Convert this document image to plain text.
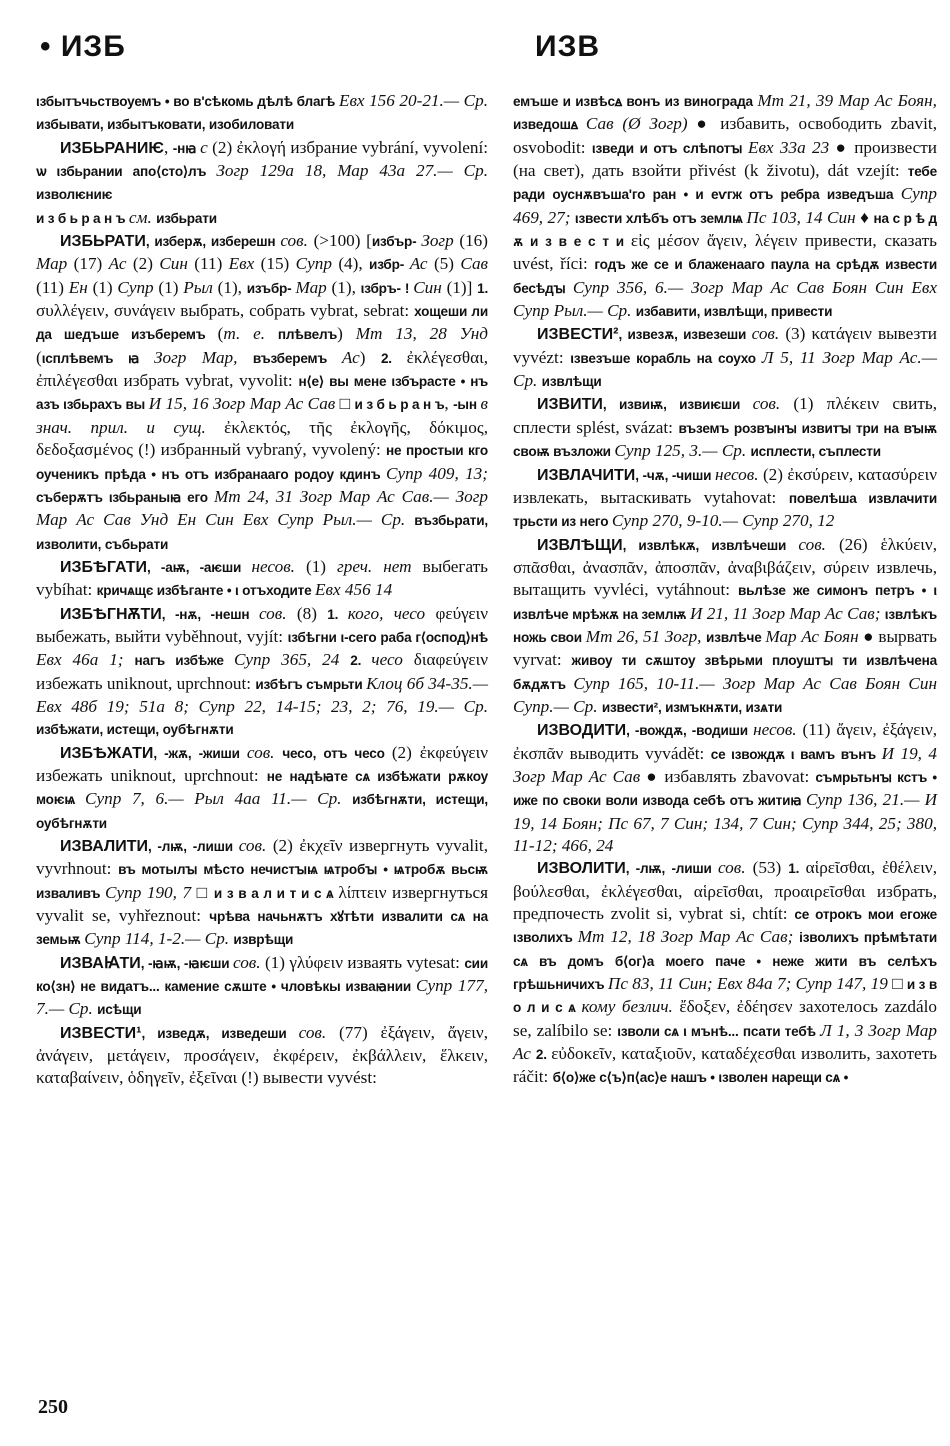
• ИЗБ	ИЗВ

ιзбытъчьствоуемъ • во в'сѣкомь дѣлѣ благѣ Евх 156 20-21.— Ср. избывати, избытъковати, изобиловати

ИЗБЬРАНИѤ, -нꙗ с (2) ἐκλογή избрание vybrání, vyvolení: ѡ ιзбьрании апо⟨сто⟩лъ Зогр 129а 18, Мар 43а 27.— Ср. изволѥниѥ

и з б ь р а н ъ см. избьрати

ИЗБЬРАТИ, изберѫ, изберешн сов. (>100) [избър- Зогр (16) Мар (17) Ас (2) Син (11) Евх (15) Супр (4), избр- Ас (5) Сав (11) Ен (1) Супр (1) Рыл (1), изъбр- Мар (1), ιзбръ- ! Син (1)] 1. συλλέγειν, συνάγειν выбрать, собрать vybrat, sebrat: хощеши ли да шедъше изъберемъ (т. е. плѣвелъ) Мт 13, 28 Унд (ιсплѣвемъ ꙗ Зогр Мар, възберемъ Ас) 2. ἐκλέγεσθαι, ἐπιλέγεσθαι избрать vybrat, vyvolit: н⟨е⟩ вы мене ιзбърасте • нъ азъ ιзбьрахъ вы И 15, 16 Зогр Мар Ас Сав □ и з б ь р а н ъ, -ын в знач. прил. и сущ. ἐκλεκτός, τῆς ἐκλογῆς, δόκιμος, δεδοξασμένος (!) избранный vybraný, vyvolený: не простыи кго оученикъ прѣда • нъ отъ избранааго родоу кдинъ Супр 409, 13; съберѫтъ ιзбьраныꙗ его Мт 24, 31 Зогр Мар Ас Сав.— Зогр Мар Ас Сав Унд Ен Син Евх Супр Рыл.— Ср. възбьрати, изволити, събьрати

ИЗБѢГАТИ, -аѭ, -аѥши несов. (1) греч. нет выбегать vybíhat: кричѧщє избѣганте • ι отъходите Евх 456 14

ИЗБѢГНѪТИ, -нѫ, -нешн сов. (8) 1. кого, чесо φεύγειν выбежать, выйти vyběhnout, vyjít: ιзбѣгни ι-сего раба г⟨оспод⟩нѣ Евх 46а 1; нагъ избѣже Супр 365, 24 2. чесо διαφεύγειν избежать uniknout, uprchnout: избѣгъ съмрьти Клоц 6б 34-35.— Евх 48б 19; 51а 8; Супр 22, 14-15; 23, 2; 76, 19.— Ср. избѣжати, истещи, оубѣгнѫти

ИЗБѢЖАТИ, -жѫ, -жиши сов. чесо, отъ чесо (2) ἐκφεύγειν избежать uniknout, uprchnout: не надѣꙗте сѧ избѣжати рѫкоу моѥѩ Супр 7, 6.— Рыл 4аа 11.— Ср. избѣгнѫти, истещи, оубѣгнѫти

ИЗВАЛИТИ, -лѭ, -лиши сов. (2) ἐκχεῖν извергнуть vyvalit, vyvrhnout: въ мотылꙑ мѣсто нечистꙑѩ ѩтробꙑ • ѩтробѫ вьсѭ изваливъ Супр 190, 7 □ и з в а л и т и с ѧ λίπτειν извергнуться vyvalit se, vyhřeznout: чрѣва начьнѫтъ хꙋтѣти извалити сѧ на земьѭ Супр 114, 1-2.— Ср. изврѣщи

ИЗВАꙖТИ, -ꙗѭ, -ꙗѥши сов. (1) γλύφειν изваять vytesat: сии ко⟨зн⟩ не видатъ... камение сѫште • чловѣкы изваꙗнии Супр 177, 7.— Ср. исѣщи

ИЗВЕСТИ¹, изведѫ, изведеши сов. (77) ἐξάγειν, ἄγειν, ἀνάγειν, μετάγειν, προσάγειν, ἐκφέρειν, ἐκβάλλειν, ἕλκειν, καταβαίνειν, ὁδηγεῖν, ἐξεῖναι (!) вывести vyvést:

емъше и извѣсꙙ вонъ из винограда Мт 21, 39 Мар Ас Боян, изведошꙙ Сав (Ø Зогр) ● избавить, освободить zbavit, osvobodit: ιзведи и отъ слѣпотꙑ Евх 33а 23 ● произвести (на свет), дать взойти přivést (k životu), dát vzejít: тебе ради оуснѫвъша'го ран • и еѵгж отъ ребра изведъша Супр 469, 27; ιзвести хлѣбъ отъ землѩ Пс 103, 14 Син ♦ на с р ѣ д ѫ и з в е с т и εἰς μέσον ἄγειν, λέγειν привести, сказать uvést, říci: годъ же се и блаженааго паула на срѣдѫ извести бесѣдꙑ Супр 356, 6.— Зогр Мар Ас Сав Боян Син Евх Супр Рыл.— Ср. избавити, извлѣщи, привести

ИЗВЕСТИ², извезѫ, извезеши сов. (3) κατάγειν вывезти vyvézt: ιзвезъше корабль на соухо Л 5, 11 Зогр Мар Ас.— Ср. извлѣщи

ИЗВИТИ, извиѭ, извиѥши сов. (1) πλέκειν свить, сплести splést, svázat: въземъ розвꙑнꙑ извитꙑ три на вꙑѭ своѭ възложи Супр 125, 3.— Ср. исплести, съплести

ИЗВЛАЧИТИ, -чѫ, -чиши несов. (2) ἐκσύρειν, κατασύρειν извлекать, вытаскивать vytahovat: повелѣша извлачити трьсти из него Супр 270, 9-10.— Супр 270, 12

ИЗВЛѢЩИ, извлѣкѫ, извлѣчеши сов. (26) ἑλκύειν, σπᾶσθαι, ἀνασπᾶν, ἀποσπᾶν, ἀναβιβάζειν, σύρειν извлечь, вытащить vyvléci, vytáhnout: вьлѣзе же симонъ петръ • ι извлѣче мрѣжѫ на землѭ И 21, 11 Зогр Мар Ас Сав; ιзвлѣкъ ножь свои Мт 26, 51 Зогр, извлѣче Мар Ас Боян ● вырвать vyrvat: живоу ти сѫштоу звѣрьми плоуштꙑ ти извлѣчена бѫдѫтъ Супр 165, 10-11.— Зогр Мар Ас Сав Боян Син Супр.— Ср. извести², измъкнѫти, изѧти

ИЗВОДИТИ, -вождѫ, -водиши несов. (11) ἄγειν, ἐξάγειν, ἐκσπᾶν выводить vyvádět: се ιзвождѫ ι вамъ вънъ И 19, 4 Зогр Мар Ас Сав ● избавлять zbavovat: съмрьтьнꙑ кстъ • иже по своки воли извода себѣ отъ житиꙗ Супр 136, 21.— И 19, 14 Боян; Пс 67, 7 Син; 134, 7 Син; Супр 344, 25; 380, 11-12; 466, 24

ИЗВОЛИТИ, -лѭ, -лиши сов. (53) 1. αἱρεῖσθαι, ἐθέλειν, βούλεσθαι, ἐκλέγεσθαι, αἱρεῖσθαι, προαιρεῖσθαι избрать, предпочесть zvolit si, vybrat si, chtít: се отрокъ мои егоже ιзволихъ Мт 12, 18 Зогр Мар Ас Сав; ізволихъ прѣмѣтати сѧ въ домъ б⟨ог⟩а моего паче • неже жити въ селѣхъ грѣшьничихъ Пс 83, 11 Син; Евх 84а 7; Супр 147, 19 □ и з в о л и с ѧ кому безлич. ἔδοξεν, ἐδέησεν захотелось zazdálo se, zalíbilo se: ιзволи сѧ ι мънѣ... псати тебѣ Л 1, 3 Зогр Мар Ас 2. εὐδοκεῖν, καταξιοῦν, καταδέχεσθαι изволить, захотеть ráčit: б⟨о⟩же с⟨ъ⟩п⟨ас⟩е нашъ • ιзволен нарещи сѧ •

250
